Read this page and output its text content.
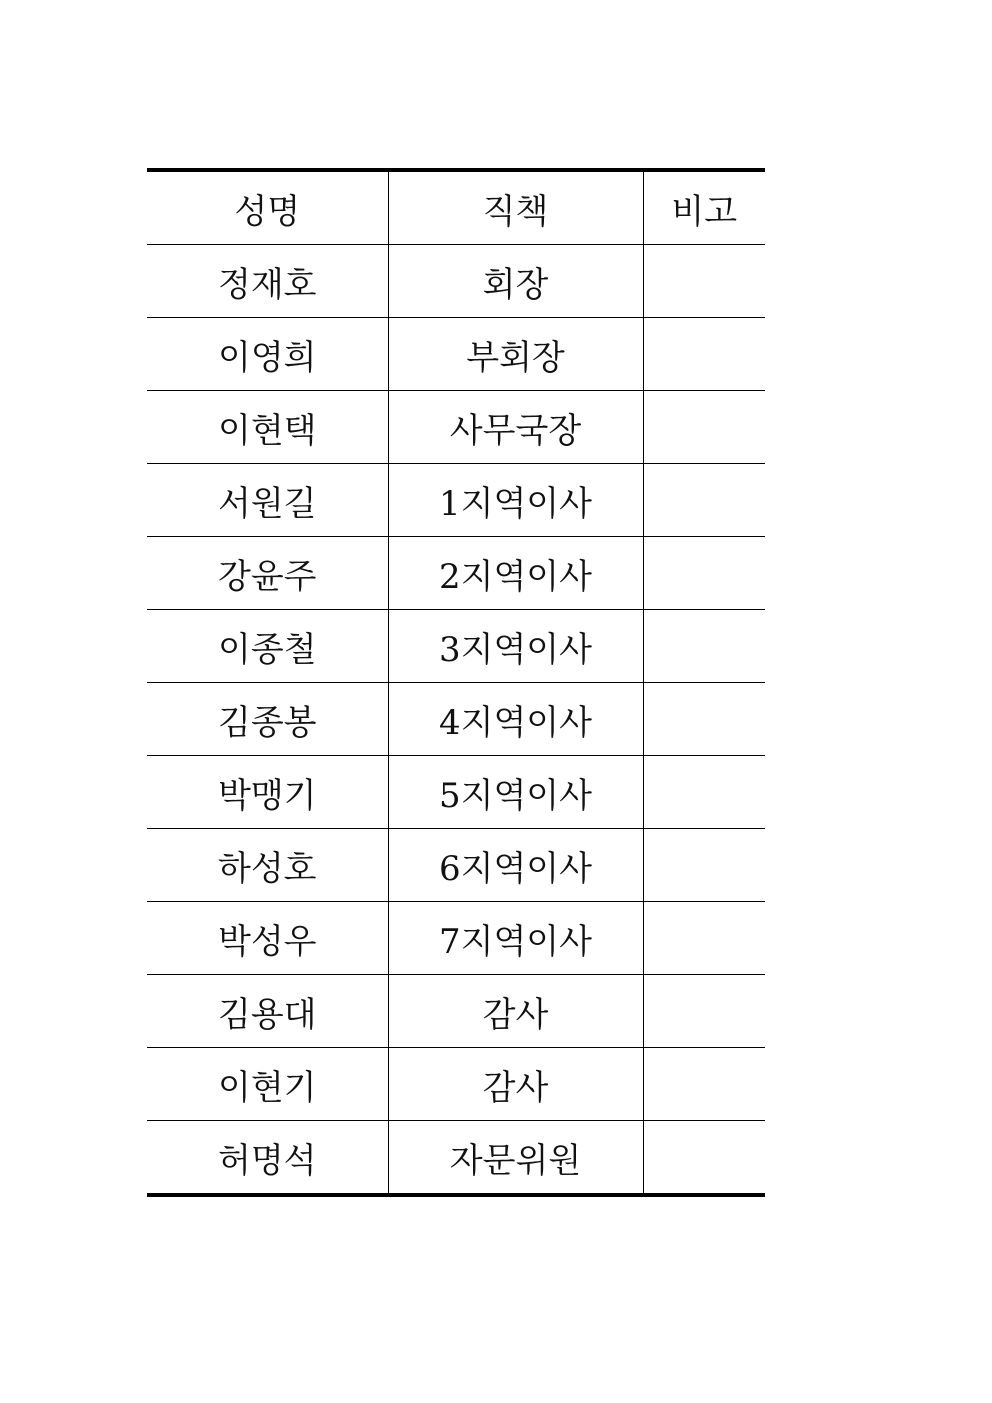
성명	직책	비고
정재호	회장	
이영희	부회장	
이현택	사무국장	
서원길	1지역이사	
강윤주	2지역이사	
이종철	3지역이사	
김종봉	4지역이사	
박맹기	5지역이사	
하성호	6지역이사	
박성우	7지역이사	
김용대	감사	
이현기	감사	
허명석	자문위원	
